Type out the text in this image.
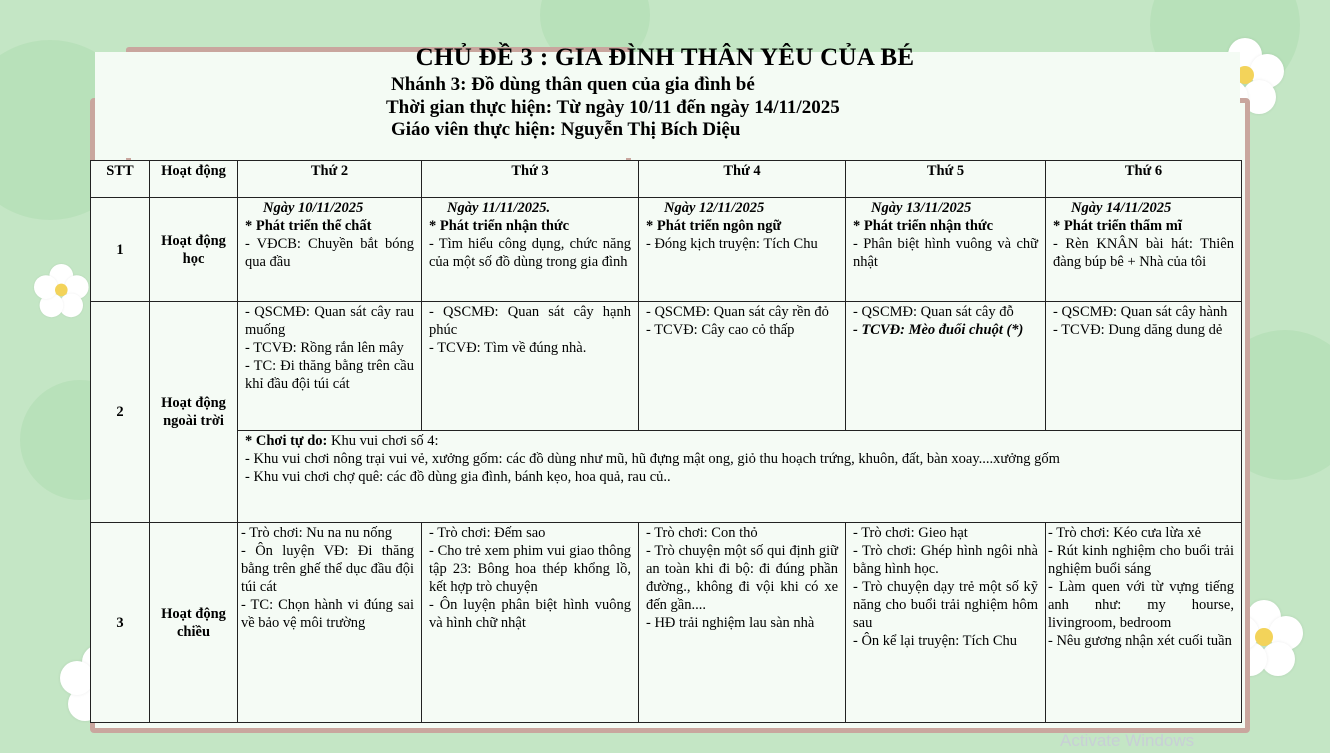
CHỦ ĐỀ 3 : GIA ĐÌNH THÂN YÊU CỦA BÉ
Nhánh 3: Đồ dùng thân quen của gia đình bé
Thời gian thực hiện: Từ ngày 10/11 đến ngày 14/11/2025
Giáo viên thực hiện: Nguyễn Thị Bích Diệu
STT	Hoạt động	Thứ 2	Thứ 3	Thứ 4	Thứ 5	Thứ 6
1	Hoạt động học	Ngày 10/11/2025
* Phát triển thể chất
- VĐCB: Chuyền bắt bóng qua đầu	Ngày 11/11/2025.
* Phát triển nhận thức
- Tìm hiểu công dụng, chức năng của một số đồ dùng trong gia đình	Ngày 12/11/2025
* Phát triển ngôn ngữ
- Đóng kịch truyện: Tích Chu	Ngày 13/11/2025
* Phát triển nhận thức
- Phân biệt hình vuông và chữ nhật	Ngày 14/11/2025
* Phát triển thẩm mĩ
- Rèn KNÂN bài hát: Thiên đàng búp bê + Nhà của tôi

2	Hoạt động ngoài trời	- QSCMĐ: Quan sát cây rau muống
- TCVĐ: Rồng rắn lên mây
- TC: Đi thăng bằng trên cầu khỉ đầu đội túi cát	- QSCMĐ: Quan sát cây hạnh phúc
- TCVĐ: Tìm về đúng nhà.	- QSCMĐ: Quan sát cây rền đỏ
- TCVĐ: Cây cao cỏ thấp	- QSCMĐ: Quan sát cây đỗ
- TCVĐ: Mèo đuổi chuột (*)	- QSCMĐ: Quan sát cây hành
- TCVĐ: Dung dăng dung dẻ

		* Chơi tự do: Khu vui chơi số 4:
- Khu vui chơi nông trại vui vẻ, xưởng gốm: các đồ dùng như mũ, hũ đựng mật ong, giỏ thu hoạch trứng, khuôn, đất, bàn xoay....xưởng gốm
- Khu vui chơi chợ quê: các đồ dùng gia đình, bánh kẹo, hoa quả, rau củ..				

3	Hoạt động chiều	- Trò chơi: Nu na nu nống
- Ôn luyện VĐ: Đi thăng bằng trên ghế thể dục đầu đội túi cát
- TC: Chọn hành vi đúng sai về bảo vệ môi trường	- Trò chơi: Đếm sao
- Cho trẻ xem phim vui giao thông tập 23: Bông hoa thép khổng lồ, kết hợp trò chuyện
- Ôn luyện phân biệt hình vuông và hình chữ nhật	- Trò chơi: Con thỏ
- Trò chuyện một số qui định giữ an toàn khi đi bộ: đi đúng phần đường., không đi vội khi có xe đến gần....
- HĐ trải nghiệm lau sàn nhà	- Trò chơi: Gieo hạt
- Trò chơi: Ghép hình ngôi nhà bằng hình học.
- Trò chuyện dạy trẻ một số kỹ năng cho buổi trải nghiệm hôm sau
- Ôn kể lại truyện: Tích Chu	- Trò chơi: Kéo cưa lừa xẻ
- Rút kinh nghiệm cho buổi trải nghiệm buổi sáng
- Làm quen với từ vựng tiếng anh như: my hourse, livingroom, bedroom
- Nêu gương nhận xét cuối tuần
Activate Windows
